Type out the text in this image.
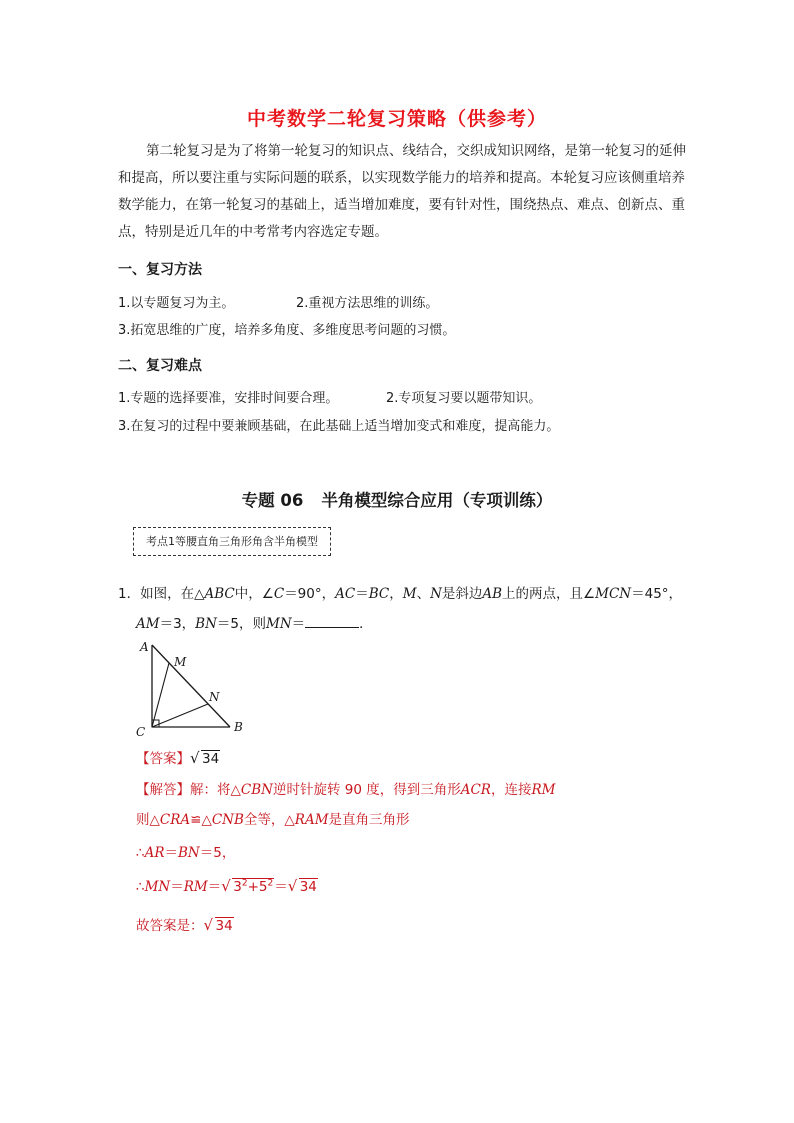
中考数学二轮复习策略（供参考）
第二轮复习是为了将第一轮复习的知识点、线结合，交织成知识网络，是第一轮复习的延伸和提高，所以要注重与实际问题的联系，以实现数学能力的培养和提高。本轮复习应该侧重培养数学能力，在第一轮复习的基础上，适当增加难度，要有针对性，围绕热点、难点、创新点、重点，特别是近几年的中考常考内容选定专题。
一、复习方法
1.以专题复习为主。	2.重视方法思维的训练。
3.拓宽思维的广度，培养多角度、多维度思考问题的习惯。
二、复习难点
1.专题的选择要准，安排时间要合理。	2.专项复习要以题带知识。
3.在复习的过程中要兼顾基础，在此基础上适当增加变式和难度，提高能力。
专题 06 半角模型综合应用（专项训练）
考点1等腰直角三角形角含半角模型
1．如图，在△ABC中，∠C＝90°，AC＝BC，M、N是斜边AB上的两点，且∠MCN＝45°，
AM＝3，BN＝5，则MN＝	．
A
M
N
C	B
【答案】 √ 34
【解答】解：将△CBN逆时针旋转 90 度，得到三角形ACR，连接RM
则△CRA≌△CNB全等，△RAM是直角三角形
∴AR＝BN＝5，
∴MN＝RM＝ √ $3^2+5^2=$ √ 34
故答案是： √ 34
